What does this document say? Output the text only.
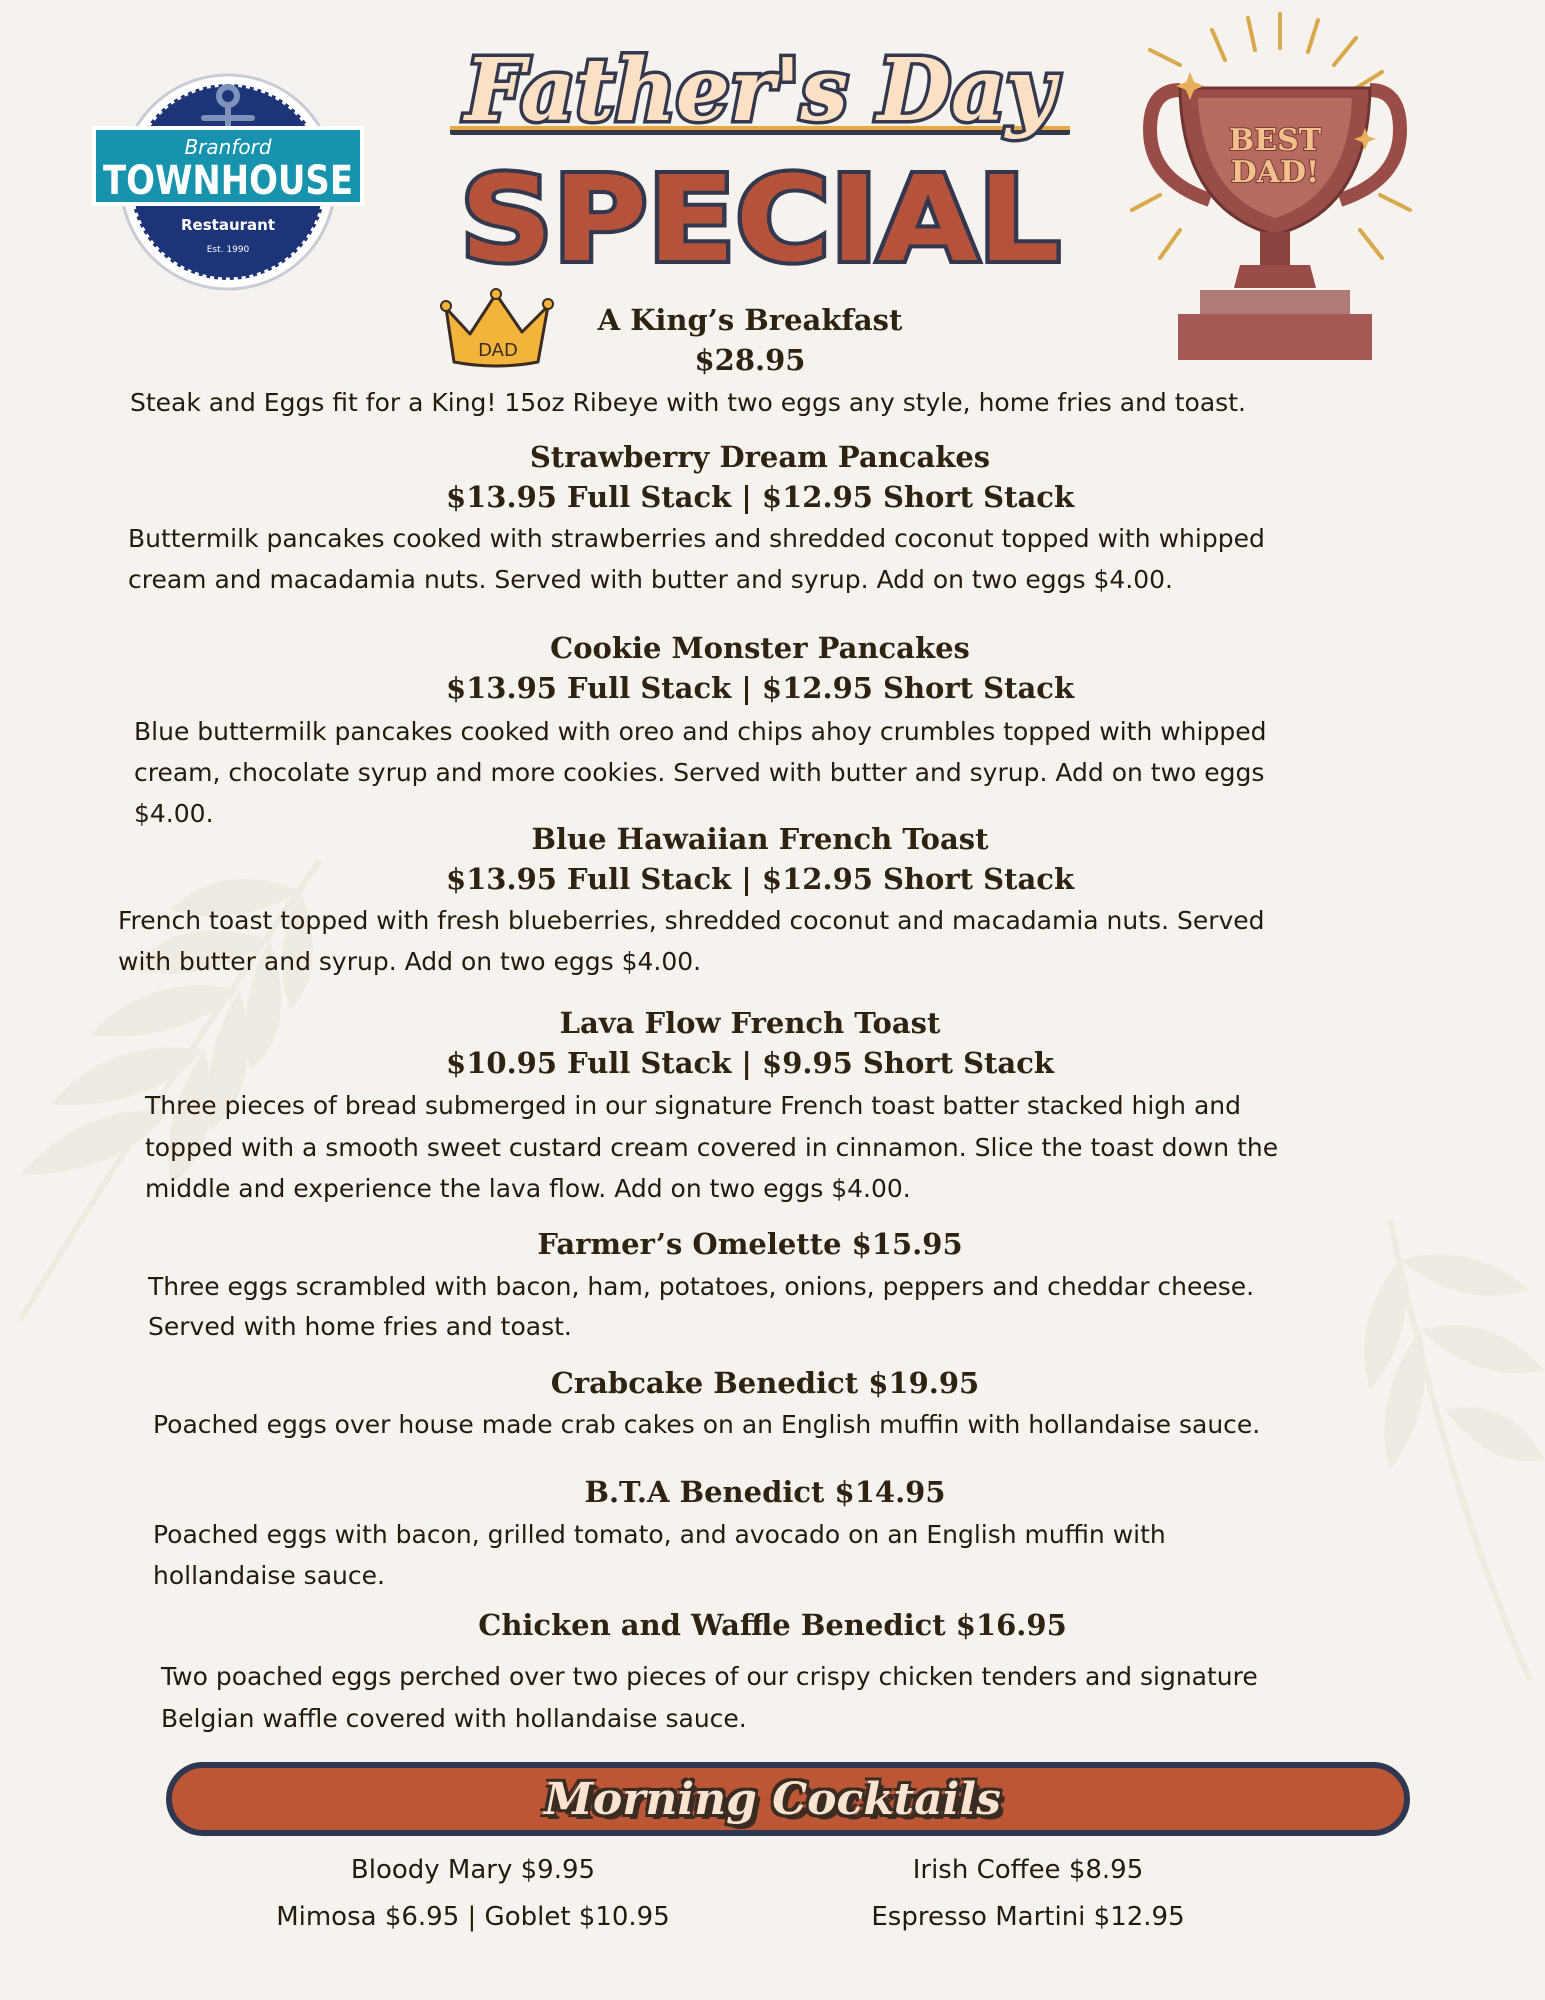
Branford
TOWNHOUSE
Restaurant
Est. 1990
Father's Day
SPECIAL
BEST
DAD!
DAD
A King’s Breakfast
$28.95
Steak and Eggs fit for a King! 15oz Ribeye with two eggs any style, home fries and toast.
Strawberry Dream Pancakes
$13.95 Full Stack | $12.95 Short Stack
Buttermilk pancakes cooked with strawberries and shredded coconut topped with whipped
cream and macadamia nuts. Served with butter and syrup. Add on two eggs $4.00.
Cookie Monster Pancakes
$13.95 Full Stack | $12.95 Short Stack
Blue buttermilk pancakes cooked with oreo and chips ahoy crumbles topped with whipped
cream, chocolate syrup and more cookies. Served with butter and syrup. Add on two eggs
$4.00.
Blue Hawaiian French Toast
$13.95 Full Stack | $12.95 Short Stack
French toast topped with fresh blueberries, shredded coconut and macadamia nuts. Served
with butter and syrup. Add on two eggs $4.00.
Lava Flow French Toast
$10.95 Full Stack | $9.95 Short Stack
Three pieces of bread submerged in our signature French toast batter stacked high and
topped with a smooth sweet custard cream covered in cinnamon. Slice the toast down the
middle and experience the lava flow. Add on two eggs $4.00.
Farmer’s Omelette $15.95
Three eggs scrambled with bacon, ham, potatoes, onions, peppers and cheddar cheese.
Served with home fries and toast.
Crabcake Benedict $19.95
Poached eggs over house made crab cakes on an English muffin with hollandaise sauce.
B.T.A Benedict $14.95
Poached eggs with bacon, grilled tomato, and avocado on an English muffin with
hollandaise sauce.
Chicken and Waffle Benedict $16.95
Two poached eggs perched over two pieces of our crispy chicken tenders and signature
Belgian waffle covered with hollandaise sauce.
Morning Cocktails
Bloody Mary $9.95	Irish Coffee $8.95
Mimosa $6.95 | Goblet $10.95	Espresso Martini $12.95
